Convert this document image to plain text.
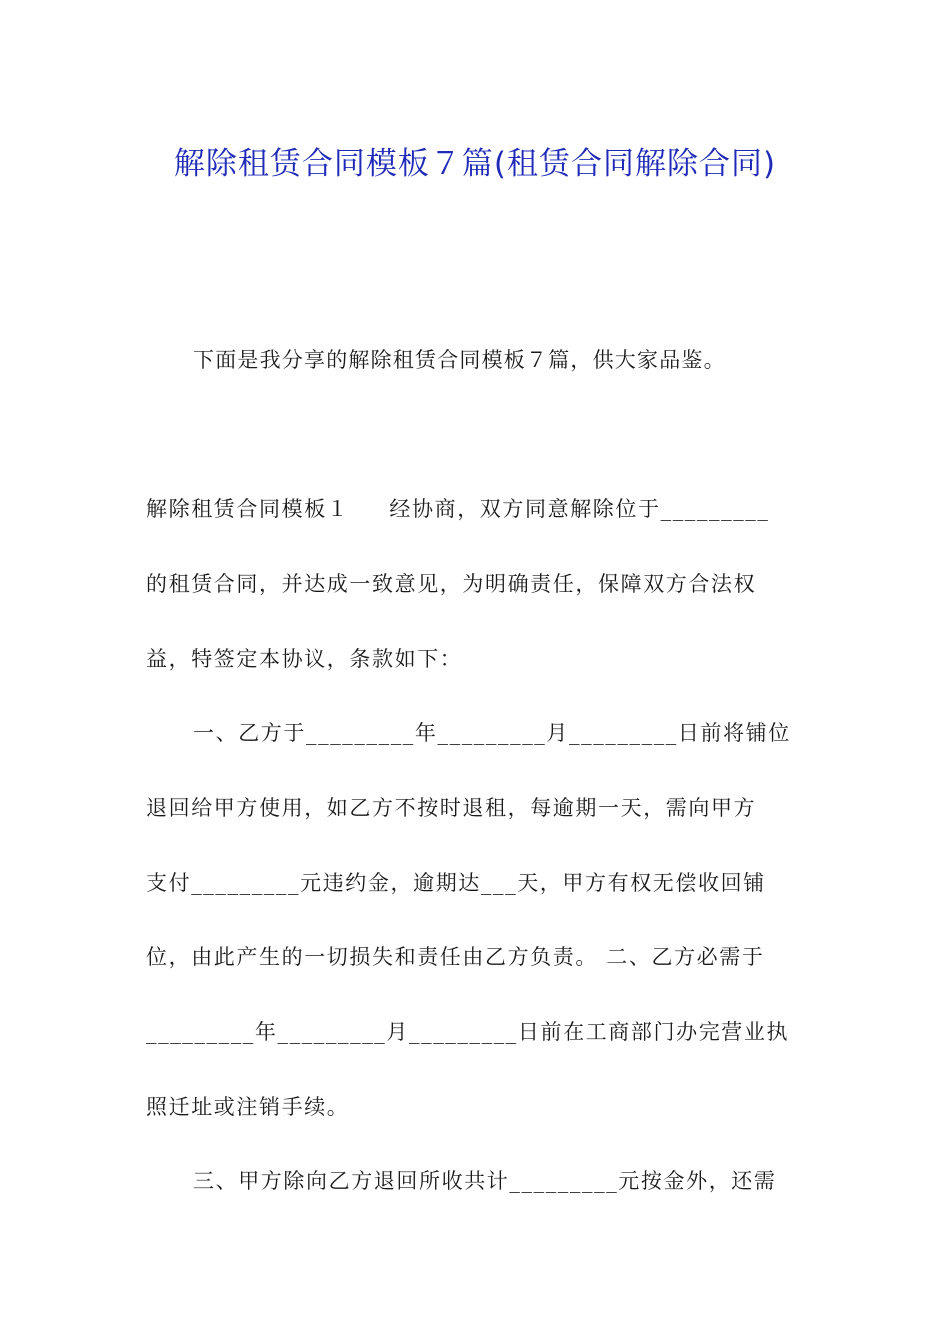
解除租赁合同模板７篇(租赁合同解除合同)
下面是我分享的解除租赁合同模板７篇，供大家品鉴。
解除租赁合同模板１ 经协商，双方同意解除位于_________
的租赁合同，并达成一致意见，为明确责任，保障双方合法权
益，特签定本协议，条款如下：
一、乙方于_________年_________月_________日前将铺位
退回给甲方使用，如乙方不按时退租，每逾期一天，需向甲方
支付_________元违约金，逾期达___天，甲方有权无偿收回铺
位，由此产生的一切损失和责任由乙方负责。 二、乙方必需于
_________年_________月_________日前在工商部门办完营业执
照迁址或注销手续。
三、甲方除向乙方退回所收共计_________元按金外，还需
